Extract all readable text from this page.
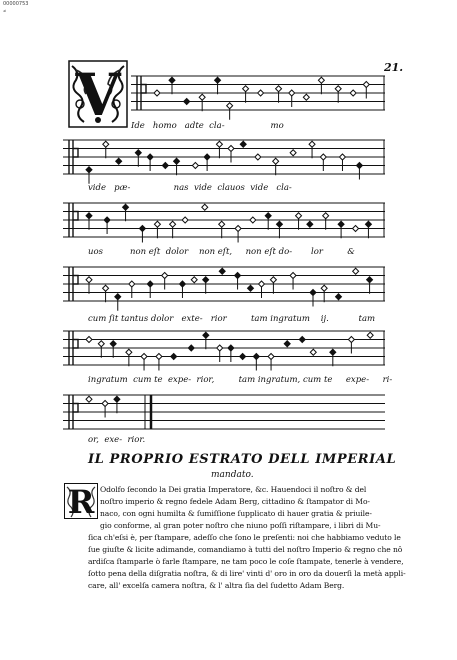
00000753
≠
21.
V Ide   homo   adte  cla-                 mo
vide   pæ-                nas  vide  clauos  vide   cla-
uos          non eſt  dolor    non eſt,     non eſt do-       lor         &
cum ſit tantus dolor   exte-   rior         tam ingratum    ij.           tam
ingratum  cum te  expe-  rior,         tam ingratum, cum te     expe-     ri-
or,  exe-  rior.
IL PROPRIO ESTRATO DELL IMPERIAL
mandato.
R Odolfo ſecondo la Dei gratia Imperatore, &c. Hauendoci il noſtro & del
noſtro imperio & regno fedele Adam Berg, cittadino & ſtampator di Mo-
naco, con ogni humilta & ſumiſſione ſupplicato di hauer gratia & priuile-
gio conforme, al gran poter noſtro che niuno poſſi riſtampare, i libri di Mu-
ſica ch'eſsi è, per ſtampare, adeſſo che ſono le preſenti: noi che habbiamo veduto le
ſue giuſte & licite adimande, comandiamo à tutti del noſtro Imperio & regno che nô
ardiſca ſtamparle ò farle ſtampare, ne tam poco le coſe ſtampate, tenerle à vendere,
ſotto pena della diſgratia noſtra, & di lire' vinti d' oro in oro da douerſi la metà appli-
care, all' excelſa camera noſtra, & l' altra ſia del ſudetto Adam Berg.
